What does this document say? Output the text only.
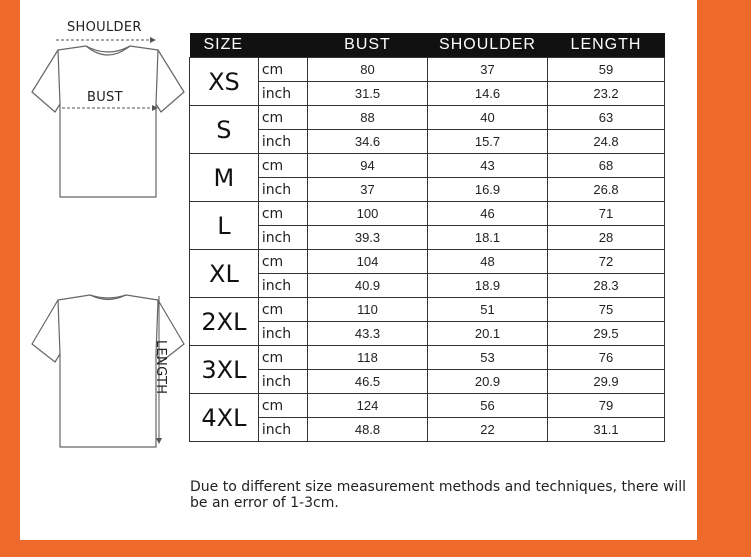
SHOULDER
BUST
LENGTH
SIZE		BUST	SHOULDER	LENGTH
XS	cm	80	37	59
	inch	31.5	14.6	23.2
S	cm	88	40	63
	inch	34.6	15.7	24.8
M	cm	94	43	68
	inch	37	16.9	26.8
L	cm	100	46	71
	inch	39.3	18.1	28
XL	cm	104	48	72
	inch	40.9	18.9	28.3
2XL	cm	110	51	75
	inch	43.3	20.1	29.5
3XL	cm	118	53	76
	inch	46.5	20.9	29.9
4XL	cm	124	56	79
	inch	48.8	22	31.1
Due to different size measurement methods and techniques, there will be an error of 1-3cm.
